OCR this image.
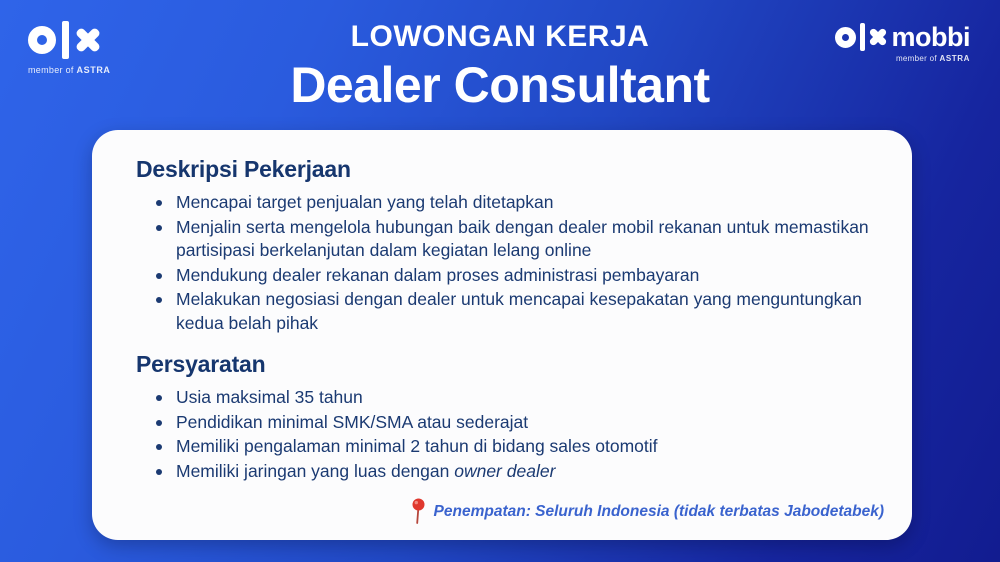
member of ASTRA
LOWONGAN KERJA
Dealer Consultant
mobbi
member of ASTRA
Deskripsi Pekerjaan
Mencapai target penjualan yang telah ditetapkan
Menjalin serta mengelola hubungan baik dengan dealer mobil rekanan untuk memastikan partisipasi berkelanjutan dalam kegiatan lelang online
Mendukung dealer rekanan dalam proses administrasi pembayaran
Melakukan negosiasi dengan dealer untuk mencapai kesepakatan yang menguntungkan kedua belah pihak
Persyaratan
Usia maksimal 35 tahun
Pendidikan minimal SMK/SMA atau sederajat
Memiliki pengalaman minimal 2 tahun di bidang sales otomotif
Memiliki jaringan yang luas dengan owner dealer
Penempatan: Seluruh Indonesia (tidak terbatas Jabodetabek)
